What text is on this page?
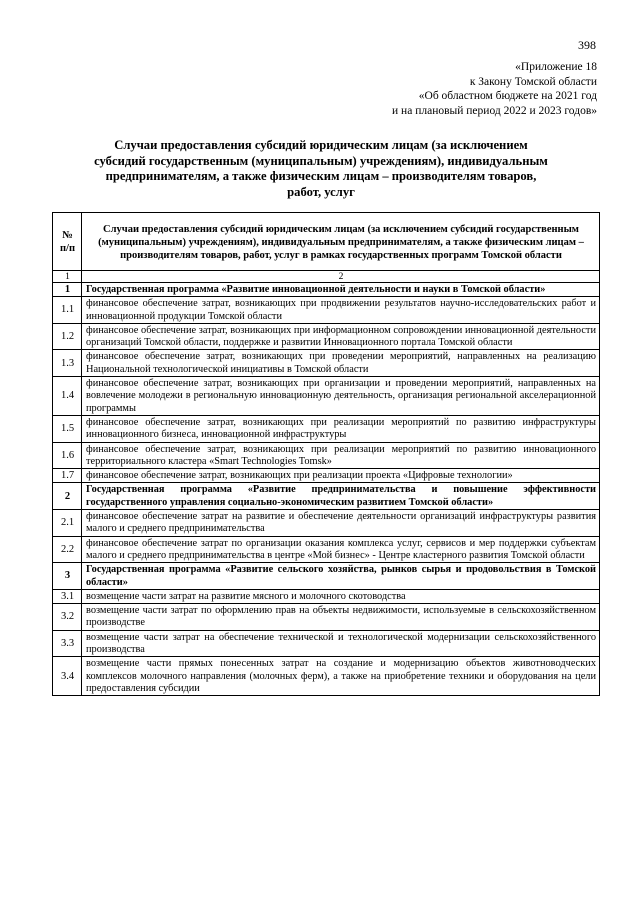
398
«Приложение 18
к Закону Томской области
«Об областном бюджете на 2021 год
и на плановый период 2022 и 2023 годов»
Случаи предоставления субсидий юридическим лицам (за исключением субсидий государственным (муниципальным) учреждениям), индивидуальным предпринимателям, а также физическим лицам – производителям товаров, работ, услуг
№ п/п	Случаи предоставления субсидий юридическим лицам (за исключением субсидий государственным (муниципальным) учреждениям), индивидуальным предпринимателям, а также физическим лицам – производителям товаров, работ, услуг в рамках государственных программ Томской области
1	2
1	Государственная программа «Развитие инновационной деятельности и науки в Томской области»
1.1	финансовое обеспечение затрат, возникающих при продвижении результатов научно-исследовательских работ и инновационной продукции Томской области
1.2	финансовое обеспечение затрат, возникающих при информационном сопровождении инновационной деятельности организаций Томской области, поддержке и развитии Инновационного портала Томской области
1.3	финансовое обеспечение затрат, возникающих при проведении мероприятий, направленных на реализацию Национальной технологической инициативы в Томской области
1.4	финансовое обеспечение затрат, возникающих при организации и проведении мероприятий, направленных на вовлечение молодежи в региональную инновационную деятельность, организация региональной акселерационной программы
1.5	финансовое обеспечение затрат, возникающих при реализации мероприятий по развитию инфраструктуры инновационного бизнеса, инновационной инфраструктуры
1.6	финансовое обеспечение затрат, возникающих при реализации мероприятий по развитию инновационного территориального кластера «Smart Technologies Tomsk»
1.7	финансовое обеспечение затрат, возникающих при реализации проекта «Цифровые технологии»
2	Государственная программа «Развитие предпринимательства и повышение эффективности государственного управления социально-экономическим развитием Томской области»
2.1	финансовое обеспечение затрат на развитие и обеспечение деятельности организаций инфраструктуры развития малого и среднего предпринимательства
2.2	финансовое обеспечение затрат по организации оказания комплекса услуг, сервисов и мер поддержки субъектам малого и среднего предпринимательства в центре «Мой бизнес» - Центре кластерного развития Томской области
3	Государственная программа «Развитие сельского хозяйства, рынков сырья и продовольствия в Томской области»
3.1	возмещение части затрат на развитие мясного и молочного скотоводства
3.2	возмещение части затрат по оформлению прав на объекты недвижимости, используемые в сельскохозяйственном производстве
3.3	возмещение части затрат на обеспечение технической и технологической модернизации сельскохозяйственного производства
3.4	возмещение части прямых понесенных затрат на создание и модернизацию объектов животноводческих комплексов молочного направления (молочных ферм), а также на приобретение техники и оборудования на цели предоставления субсидии
